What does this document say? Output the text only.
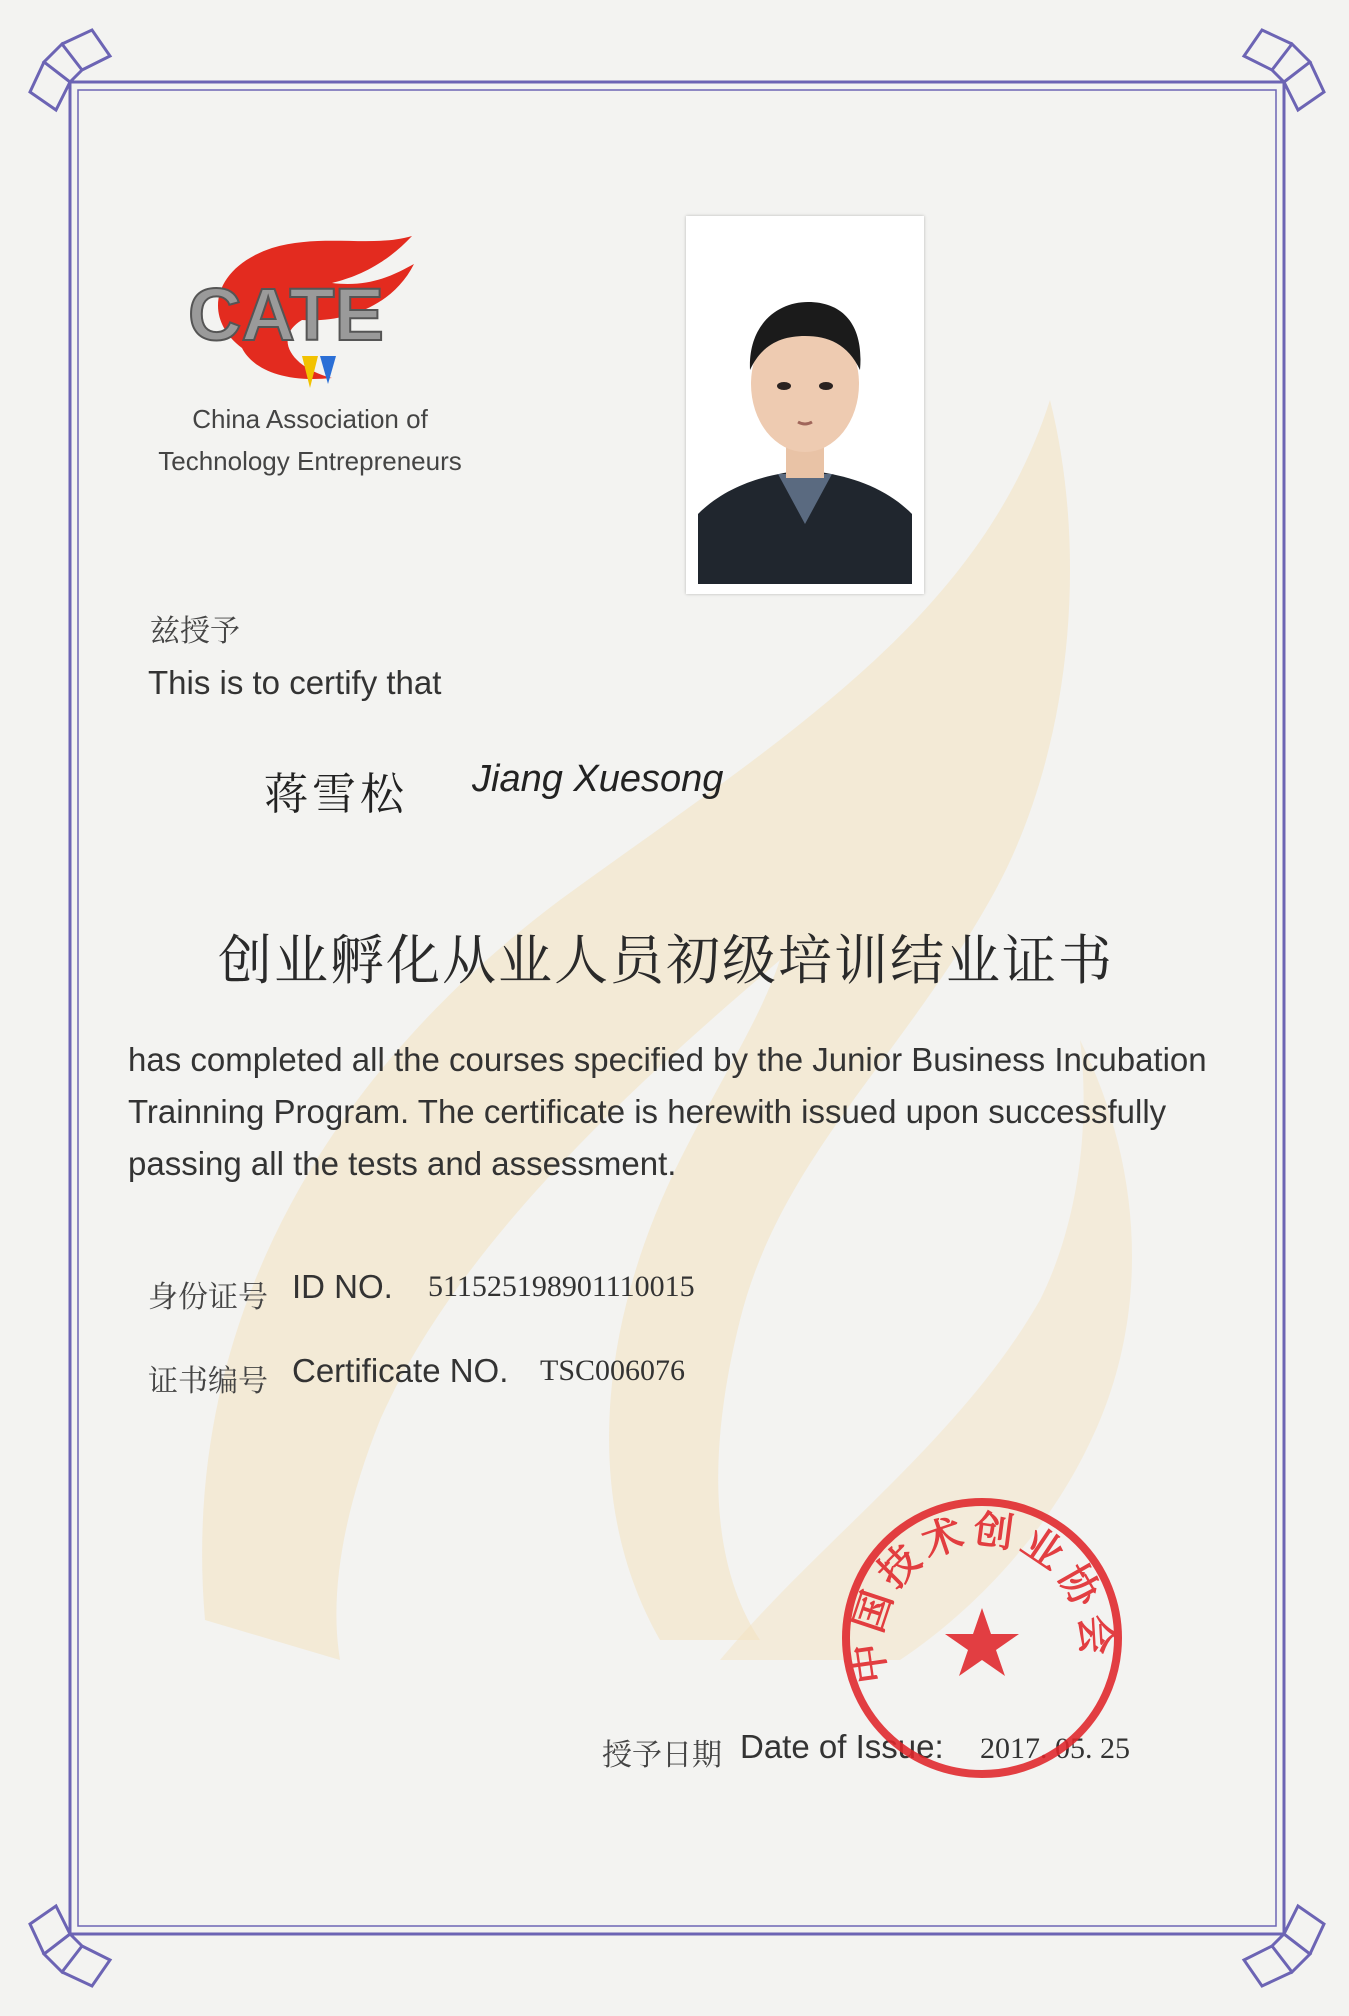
CATE
China Association of
Technology Entrepreneurs
兹授予
This is to certify that
蒋雪松 Jiang Xuesong
创业孵化从业人员初级培训结业证书
has completed all the courses specified by the Junior Business Incubation
Trainning Program. The certificate is herewith issued upon successfully
passing all the tests and assessment.
身份证号 ID NO. 511525198901110015
证书编号 Certificate NO. TSC006076
授予日期 Date of Issue: 2017. 05. 25
中国技术创业协会
